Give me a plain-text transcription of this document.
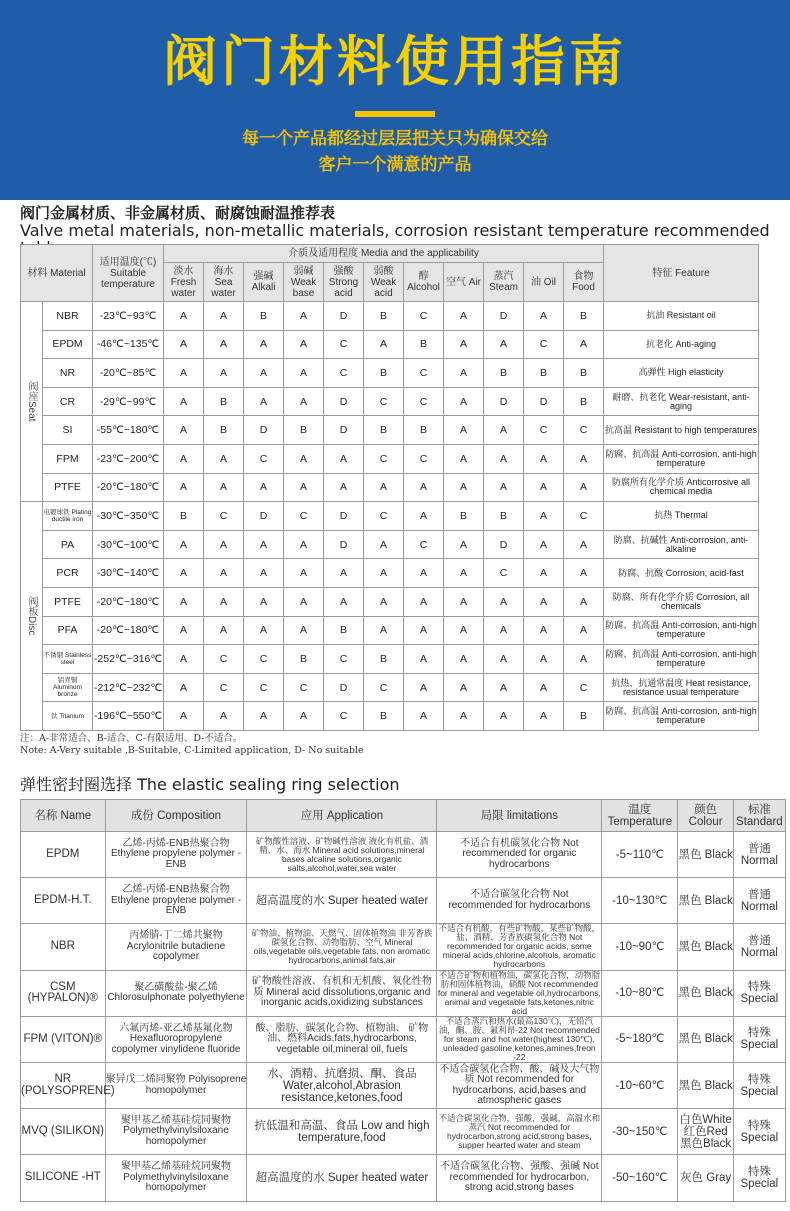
阀门材料使用指南
每一个产品都经过层层把关只为确保交给
客户一个满意的产品
阀门金属材质、非金属材质、耐腐蚀耐温推荐表
Valve metal materials, non-metallic materials, corrosion resistant temperature recommended
材料 Material		适用温度(℃) Suitable temperature	介质及适用程度 Media and the applicability											特征 Feature
			淡水 Fresh water	海水 Sea water	强碱 Alkali	弱碱 Weak base	强酸 Strong acid	弱酸 Weak acid	醇 Alcohol	空气 Air	蒸汽 Steam	油 Oil	食物 Food	
阀座Seat	NBR	-23℃~93℃	A	A	B	A	D	B	C	A	D	A	B	抗油 Resistant oil
	EPDM	-46℃~135℃	A	A	A	A	C	A	B	A	A	C	A	抗老化 Anti-aging
	NR	-20℃~85℃	A	A	A	A	C	B	C	A	B	B	B	高弹性 High elasticity
	CR	-29℃~99℃	A	B	A	A	D	C	C	A	D	D	B	耐磨、抗老化 Wear-resistant, anti-aging
	SI	-55℃~180℃	A	B	D	B	D	B	B	A	A	C	C	抗高温 Resistant to high temperatures
	FPM	-23℃~200℃	A	A	C	A	A	C	C	A	A	A	A	防腐、抗高温 Anti-corrosion, anti-high temperature
	PTFE	-20℃~180℃	A	A	A	A	A	A	A	A	A	A	A	防腐所有化学介质 Anticorrosive all chemical media
阀板Disc	电镀球铁 Plating ductile iron	-30℃~350℃	B	C	D	C	D	C	A	B	B	A	C	抗热 Thermal
	PA	-30℃~100℃	A	A	A	A	D	A	C	A	D	A	A	防腐、抗碱性 Anti-corrosion, anti-alkaline
	PCR	-30℃~140℃	A	A	A	A	A	A	A	A	C	A	A	防腐、抗酸 Corrosion, acid-fast
	PTFE	-20℃~180℃	A	A	A	A	A	A	A	A	A	A	A	防腐、所有化学介质 Corrosion, all chemicals
	PFA	-20℃~180℃	A	A	A	A	B	A	A	A	A	A	A	防腐、抗高温 Anti-corrosion, anti-high temperature
	不锈钢 Stainless steel	-252℃~316℃	A	C	C	B	C	B	A	A	A	A	A	防腐、抗高温 Anti-corrosion, anti-high temperature
	铝青铜 Aluminum bronze	-212℃~232℃	A	C	C	C	D	C	A	A	A	A	C	抗热、抗通常温度 Heat resistance, resistance usual temperature
	钛 Titanium	-196℃~550℃	A	A	A	A	C	B	A	A	A	A	B	防腐、抗高温 Anti-corrosion, anti-high temperature
注：A-非常适合、B-适合、C-有限适用、D-不适合。
Note: A-Very suitable ,B-Suitable, C-Limited application, D- No suitable
弹性密封圈选择 The elastic sealing ring selection
名称 Name	成份 Composition	应用 Application	局限 limitations	温度 Temperature	颜色 Colour	标准 Standard
EPDM	乙烯-丙烯-ENB热聚合物 Ethylene propylene polymer -ENB	矿物酸性溶液、矿物碱性溶液 液化有机盐、酒精、水、海水 Mineral acid solutions,mineral bases alcaline solutions,organic salts,alcohol,water,sea water	不适合有机碳氢化合物 Not recommended for organic hydrocarbons	-5~110℃	黑色 Black	普通 Normal
EPDM-H.T.	乙烯-丙烯-ENB热聚合物 Ethylene propylene polymer -ENB	超高温度的水 Super heated water	不适合碳氢化合物 Not recommended for hydrocarbons	-10~130℃	黑色 Black	普通 Normal
NBR	丙烯腈-丁二烯共聚物 Acrylonitrile butadiene copolymer	矿物油、植物油、天燃气、固体植物油 非芳香族碳氢化合物、动物脂肪、空气 Mineral oils,vegetable oils,vegetable fats, non aromatic hydrocarbons,animal fats,air	不适合有机酸，有些矿物酸，某些矿物酸，盐、酒精、芳香族碳氢化合物 Not recommended for organic acids, some mineral acids,chlorine,alcohols, aromatic hydrocarbons	-10~90℃	黑色 Black	普通 Normal
CSM (HYPALON)®	聚乙磺酸盐-聚乙烯 Chlorosulphonate polyethylene	矿物酸性溶液、有机和无机酸、氧化性物质 Mineral acid dissolutions,organic and inorganic acids,oxidizing substances	不适合矿物和植物油，碳氢化合物，动物脂肪和固体植物油，硝酸 Not recommended for mineral and vegetable oil,hydrocarbons, animal and vegetable fats,ketones,nitric acid	-10~80℃	黑色 Black	特殊 Special
FPM (VITON)®	六氟丙烯-亚乙烯基氟化物 Hexafluoropropylene copolymer vinylidene fluoride	酸、脂肪、碳氢化合物、植物油、 矿物油、燃料Acids,fats,hydrocarbons, vegetable oil,mineral oil, fuels	不适合蒸汽和热水(最高130℃)，无铅汽油，酮、胺、氟利昂-22 Not recommended for steam and hot water(highest 130℃), unleaded gasoline,ketones,amines,freon -22	-5~180℃	黑色 Black	特殊 Special
NR (POLYSOPRENE)	聚异戊二烯同聚物 Polyisoprene homopolymer	水、酒精、抗磨损、酮、食品 Water,alcohol,Abrasion resistance,ketones,food	不适合碳氢化合物、酸、碱及大气物质 Not recommended for hydrocarbons, acid,bases and atmospheric gases	-10~60℃	黑色 Black	特殊 Special
MVQ (SILIKON)	聚甲基乙烯基硅烷同聚物 Polymethylvinylsiloxane homopolymer	抗低温和高温、食品 Low and high temperature,food	不适合碳氢化合物，强酸，强碱，高温水和蒸汽 Not recommended for hydrocarbon,strong acid,strong bases, supper hearted water and steam	-30~150℃	白色White 红色Red 黑色Black	特殊 Special
SILICONE -HT	聚甲基乙烯基硅烷同聚物 Polymethylvinylsiloxane homopolymer	超高温度的水 Super heated water	不适合碳氢化合物、强酸、强碱 Not recommended for hydrocarbon, strong acid,strong bases	-50~160℃	灰色 Gray	特殊 Special
